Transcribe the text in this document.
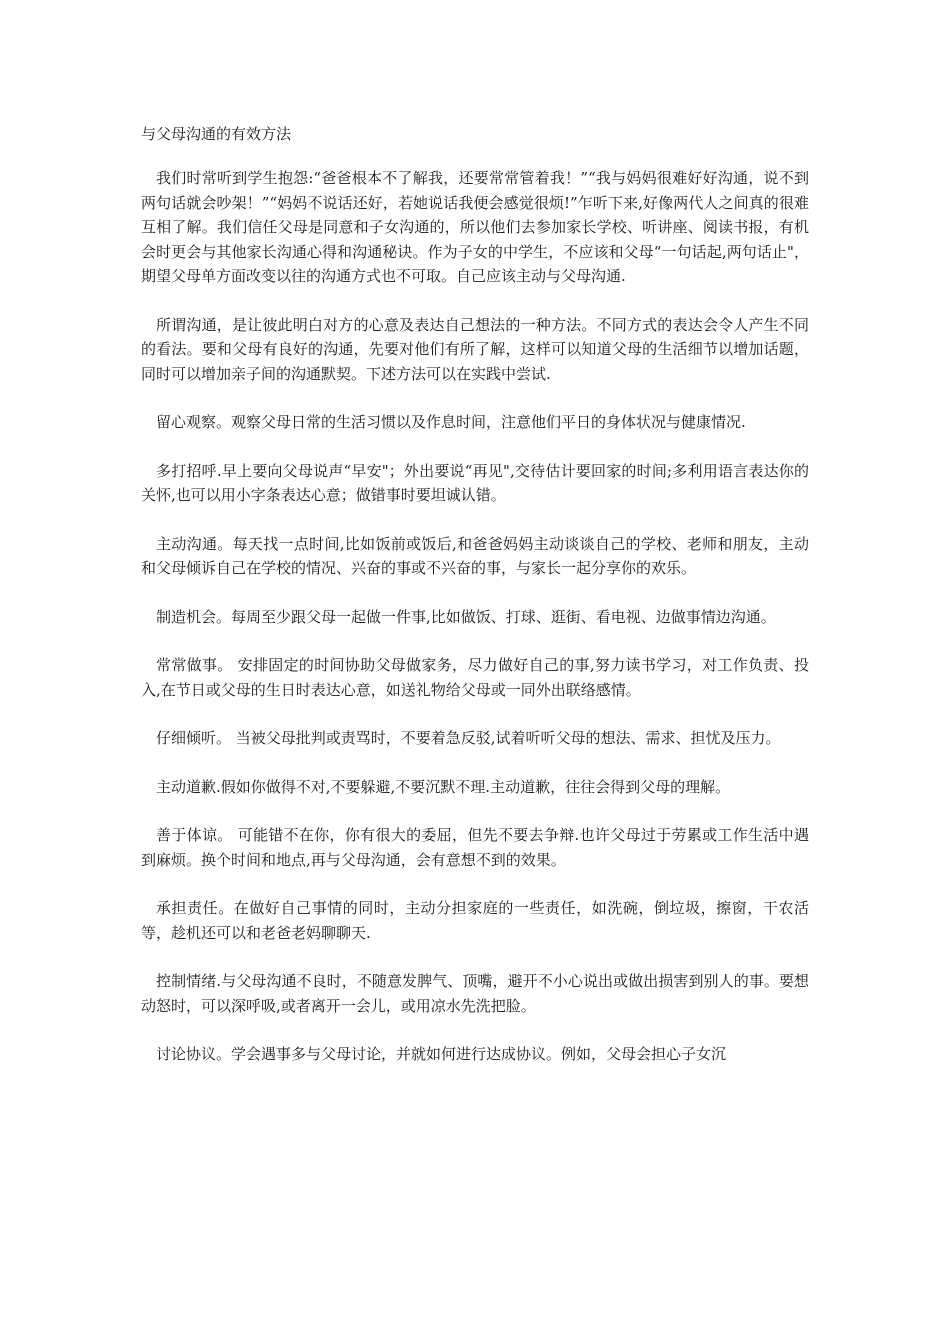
与父母沟通的有效方法

我们时常听到学生抱怨:“爸爸根本不了解我，还要常常管着我！”“我与妈妈很难好好沟通，说不到两句话就会吵架！”“妈妈不说话还好，若她说话我便会感觉很烦!”乍听下来,好像两代人之间真的很难互相了解。我们信任父母是同意和子女沟通的，所以他们去参加家长学校、听讲座、阅读书报，有机会时更会与其他家长沟通心得和沟通秘诀。作为子女的中学生，不应该和父母“一句话起,两句话止"，期望父母单方面改变以往的沟通方式也不可取。自己应该主动与父母沟通.

所谓沟通，是让彼此明白对方的心意及表达自己想法的一种方法。不同方式的表达会令人产生不同的看法。要和父母有良好的沟通，先要对他们有所了解，这样可以知道父母的生活细节以增加话题，同时可以增加亲子间的沟通默契。下述方法可以在实践中尝试.

留心观察。观察父母日常的生活习惯以及作息时间，注意他们平日的身体状况与健康情况.

多打招呼.早上要向父母说声“早安"；外出要说“再见",交待估计要回家的时间;多利用语言表达你的关怀,也可以用小字条表达心意；做错事时要坦诚认错。

主动沟通。每天找一点时间,比如饭前或饭后,和爸爸妈妈主动谈谈自己的学校、老师和朋友，主动和父母倾诉自己在学校的情况、兴奋的事或不兴奋的事，与家长一起分享你的欢乐。

制造机会。每周至少跟父母一起做一件事,比如做饭、打球、逛街、看电视、边做事情边沟通。

常常做事。 安排固定的时间协助父母做家务，尽力做好自己的事,努力读书学习，对工作负责、投入,在节日或父母的生日时表达心意，如送礼物给父母或一同外出联络感情。

仔细倾听。 当被父母批判或责骂时，不要着急反驳,试着听听父母的想法、需求、担忧及压力。

主动道歉.假如你做得不对,不要躲避,不要沉默不理.主动道歉，往往会得到父母的理解。

善于体谅。 可能错不在你，你有很大的委屈，但先不要去争辩.也许父母过于劳累或工作生活中遇到麻烦。换个时间和地点,再与父母沟通，会有意想不到的效果。

承担责任。在做好自己事情的同时，主动分担家庭的一些责任，如洗碗，倒垃圾，擦窗，干农活等，趁机还可以和老爸老妈聊聊天.

控制情绪.与父母沟通不良时，不随意发脾气、顶嘴，避开不小心说出或做出损害到别人的事。要想动怒时，可以深呼吸,或者离开一会儿，或用凉水先洗把脸。

讨论协议。学会遇事多与父母讨论，并就如何进行达成协议。例如，父母会担心子女沉
